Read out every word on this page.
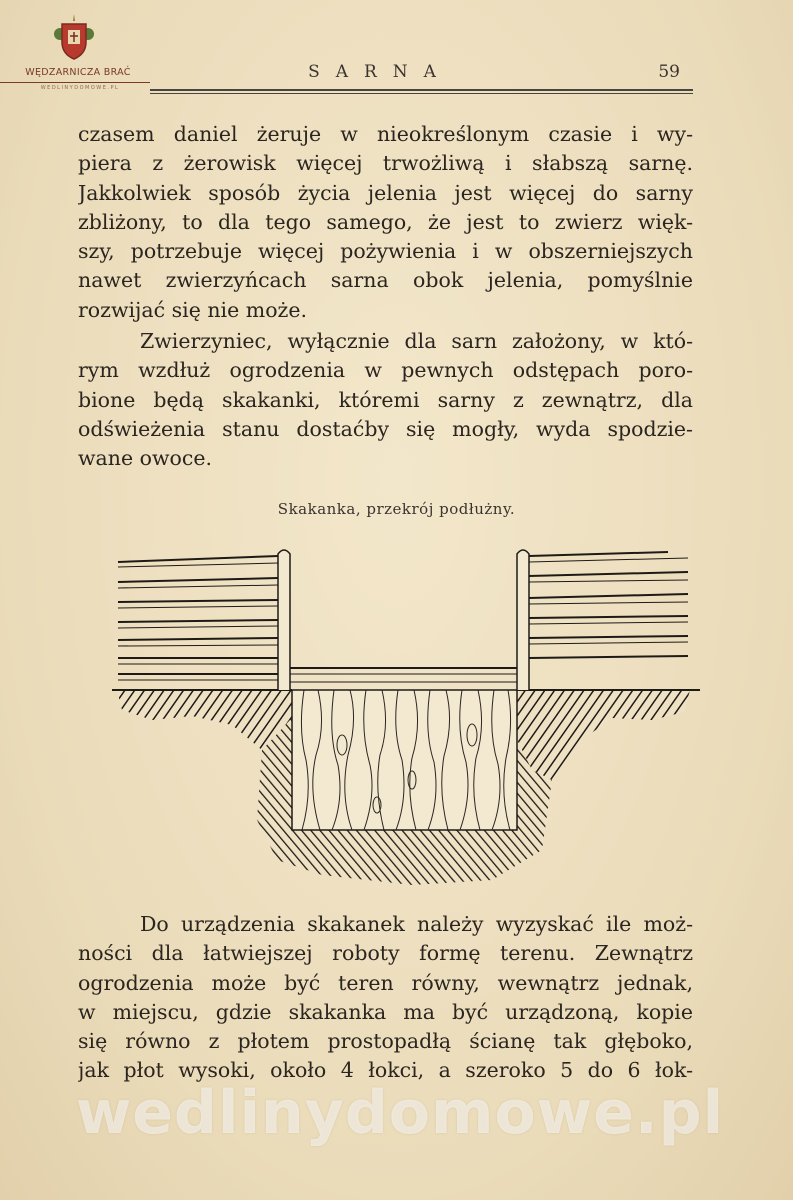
WĘDZARNICZA BRAĆ
WEDLINYDOMOWE.PL
SARNA	59
czasem daniel żeruje w nieokreślonym czasie i wy-
piera z żerowisk więcej trwożliwą i słabszą sarnę.
Jakkolwiek sposób życia jelenia jest więcej do sarny
zbliżony, to dla tego samego, że jest to zwierz więk-
szy, potrzebuje więcej pożywienia i w obszerniejszych
nawet zwierzyńcach sarna obok jelenia, pomyślnie
rozwijać się nie może.
Zwierzyniec, wyłącznie dla sarn założony, w któ-
rym wzdłuż ogrodzenia w pewnych odstępach poro-
bione będą skakanki, któremi sarny z zewnątrz, dla
odświeżenia stanu dostaćby się mogły, wyda spodzie-
wane owoce.
Skakanka, przekrój podłużny.
Do urządzenia skakanek należy wyzyskać ile moż-
ności dla łatwiejszej roboty formę terenu. Zewnątrz
ogrodzenia może być teren równy, wewnątrz jednak,
w miejscu, gdzie skakanka ma być urządzoną, kopie
się równo z płotem prostopadłą ścianę tak głęboko,
jak płot wysoki, około 4 łokci, a szeroko 5 do 6 łok-
wedlinydomowe.pl
